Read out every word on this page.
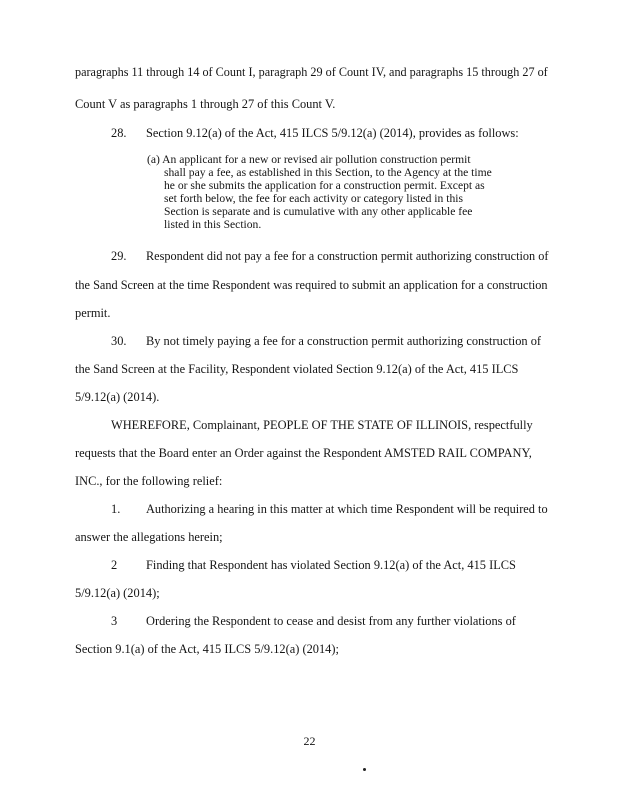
paragraphs 11 through 14 of Count I, paragraph 29 of Count IV, and paragraphs 15 through 27 of

Count V as paragraphs 1 through 27 of this Count V.

28. Section 9.12(a) of the Act, 415 ILCS 5/9.12(a) (2014), provides as follows:

(a) An applicant for a new or revised air pollution construction permit

shall pay a fee, as established in this Section, to the Agency at the time

he or she submits the application for a construction permit. Except as

set forth below, the fee for each activity or category listed in this

Section is separate and is cumulative with any other applicable fee

listed in this Section.

29. Respondent did not pay a fee for a construction permit authorizing construction of

the Sand Screen at the time Respondent was required to submit an application for a construction

permit.

30. By not timely paying a fee for a construction permit authorizing construction of

the Sand Screen at the Facility, Respondent violated Section 9.12(a) of the Act, 415 ILCS

5/9.12(a) (2014).

WHEREFORE, Complainant, PEOPLE OF THE STATE OF ILLINOIS, respectfully

requests that the Board enter an Order against the Respondent AMSTED RAIL COMPANY,

INC., for the following relief:

1. Authorizing a hearing in this matter at which time Respondent will be required to

answer the allegations herein;

2 Finding that Respondent has violated Section 9.12(a) of the Act, 415 ILCS

5/9.12(a) (2014);

3 Ordering the Respondent to cease and desist from any further violations of

Section 9.1(a) of the Act, 415 ILCS 5/9.12(a) (2014);

22
